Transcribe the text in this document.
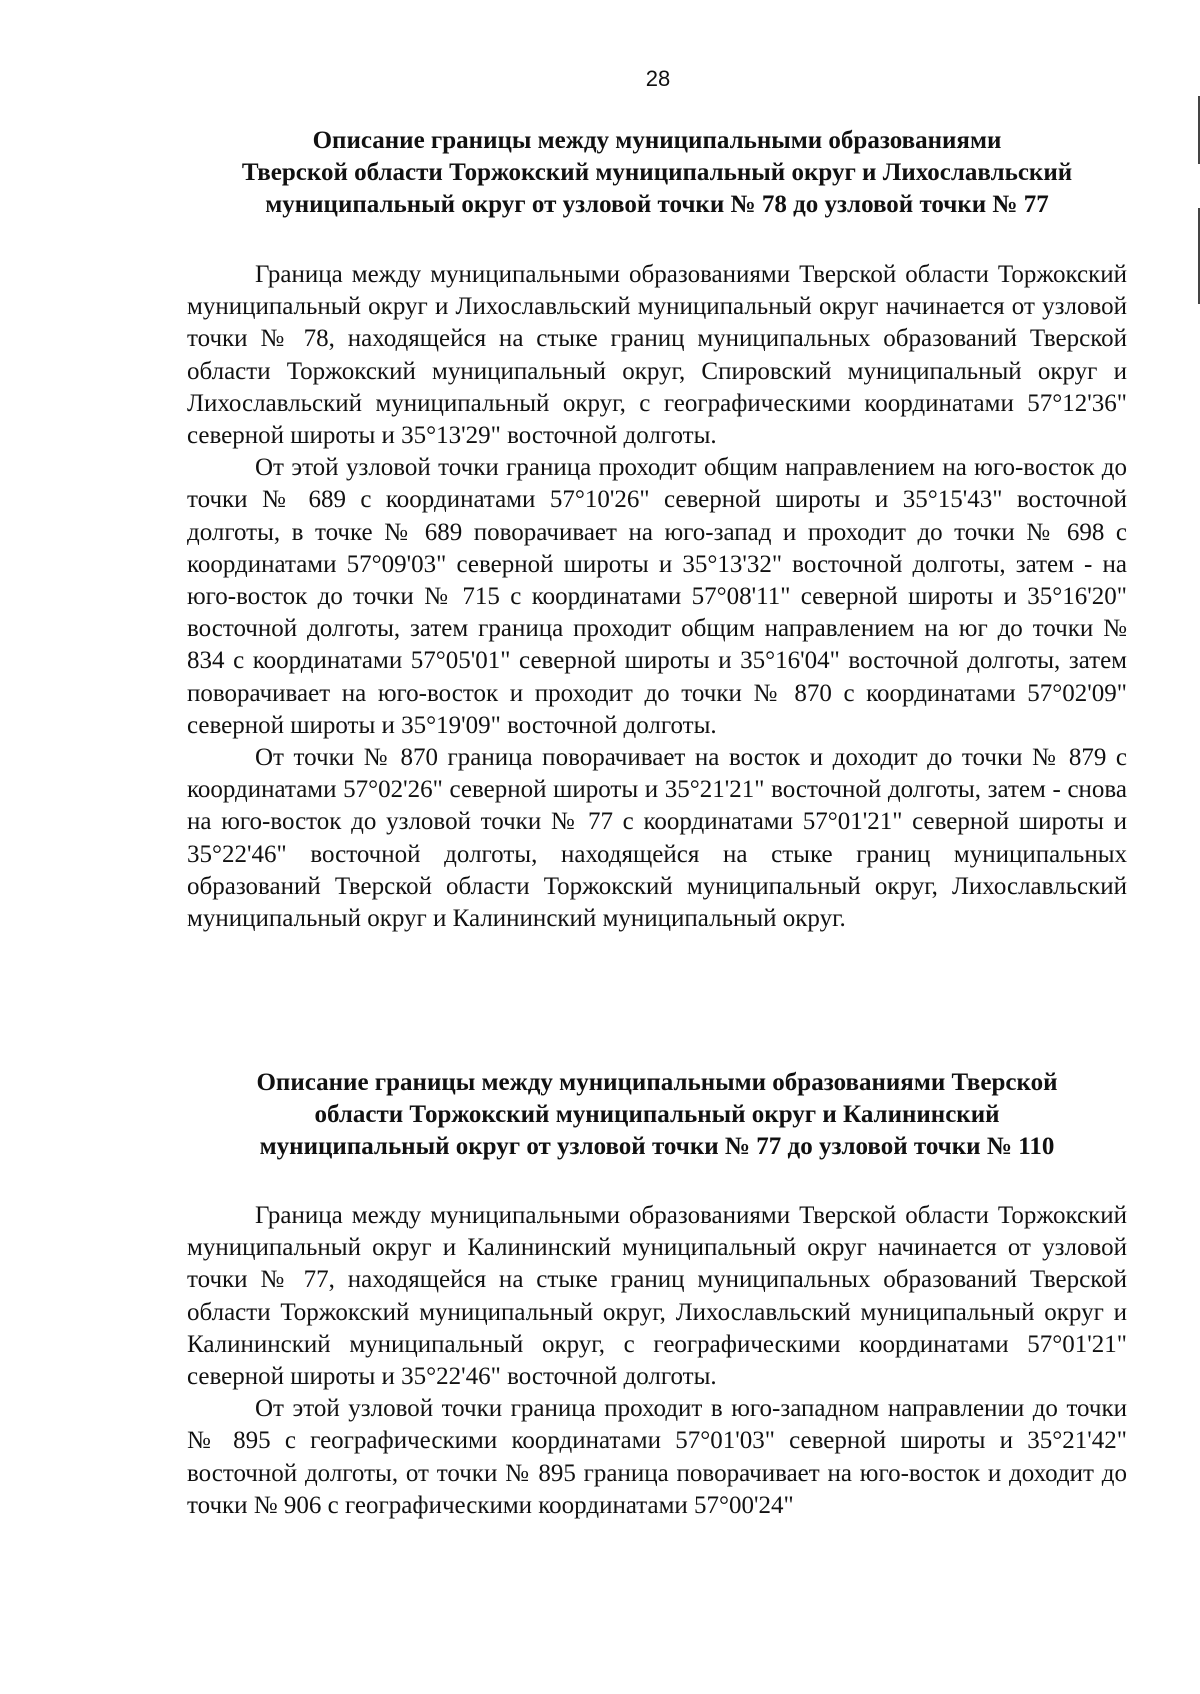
28
Описание границы между муниципальными образованиями
Тверской области Торжокский муниципальный округ и Лихославльский
муниципальный округ от узловой точки № 78 до узловой точки № 77

Граница между муниципальными образованиями Тверской области Торжокский муниципальный округ и Лихославльский муниципальный округ начинается от узловой точки № 78, находящейся на стыке границ муниципальных образований Тверской области Торжокский муниципальный округ, Спировский муниципальный округ и Лихославльский муниципальный округ, с географическими координатами 57°12'36" северной широты и 35°13'29" восточной долготы.

От этой узловой точки граница проходит общим направлением на юго-восток до точки № 689 с координатами 57°10'26" северной широты и 35°15'43" восточной долготы, в точке № 689 поворачивает на юго-запад и проходит до точки № 698 с координатами 57°09'03" северной широты и 35°13'32" восточной долготы, затем - на юго-восток до точки № 715 с координатами 57°08'11" северной широты и 35°16'20" восточной долготы, затем граница проходит общим направлением на юг до точки № 834 с координатами 57°05'01" северной широты и 35°16'04" восточной долготы, затем поворачивает на юго-восток и проходит до точки № 870 с координатами 57°02'09" северной широты и 35°19'09" восточной долготы.

От точки № 870 граница поворачивает на восток и доходит до точки № 879 с координатами 57°02'26" северной широты и 35°21'21" восточной долготы, затем - снова на юго-восток до узловой точки № 77 с координатами 57°01'21" северной широты и 35°22'46" восточной долготы, находящейся на стыке границ муниципальных образований Тверской области Торжокский муниципальный округ, Лихославльский муниципальный округ и Калининский муниципальный округ.

Описание границы между муниципальными образованиями Тверской
области Торжокский муниципальный округ и Калининский
муниципальный округ от узловой точки № 77 до узловой точки № 110

Граница между муниципальными образованиями Тверской области Торжокский муниципальный округ и Калининский муниципальный округ начинается от узловой точки № 77, находящейся на стыке границ муниципальных образований Тверской области Торжокский муниципальный округ, Лихославльский муниципальный округ и Калининский муниципальный округ, с географическими координатами 57°01'21" северной широты и 35°22'46" восточной долготы.

От этой узловой точки граница проходит в юго-западном направлении до точки № 895 с географическими координатами 57°01'03" северной широты и 35°21'42" восточной долготы, от точки № 895 граница поворачивает на юго-восток и доходит до точки № 906 с географическими координатами 57°00'24"
